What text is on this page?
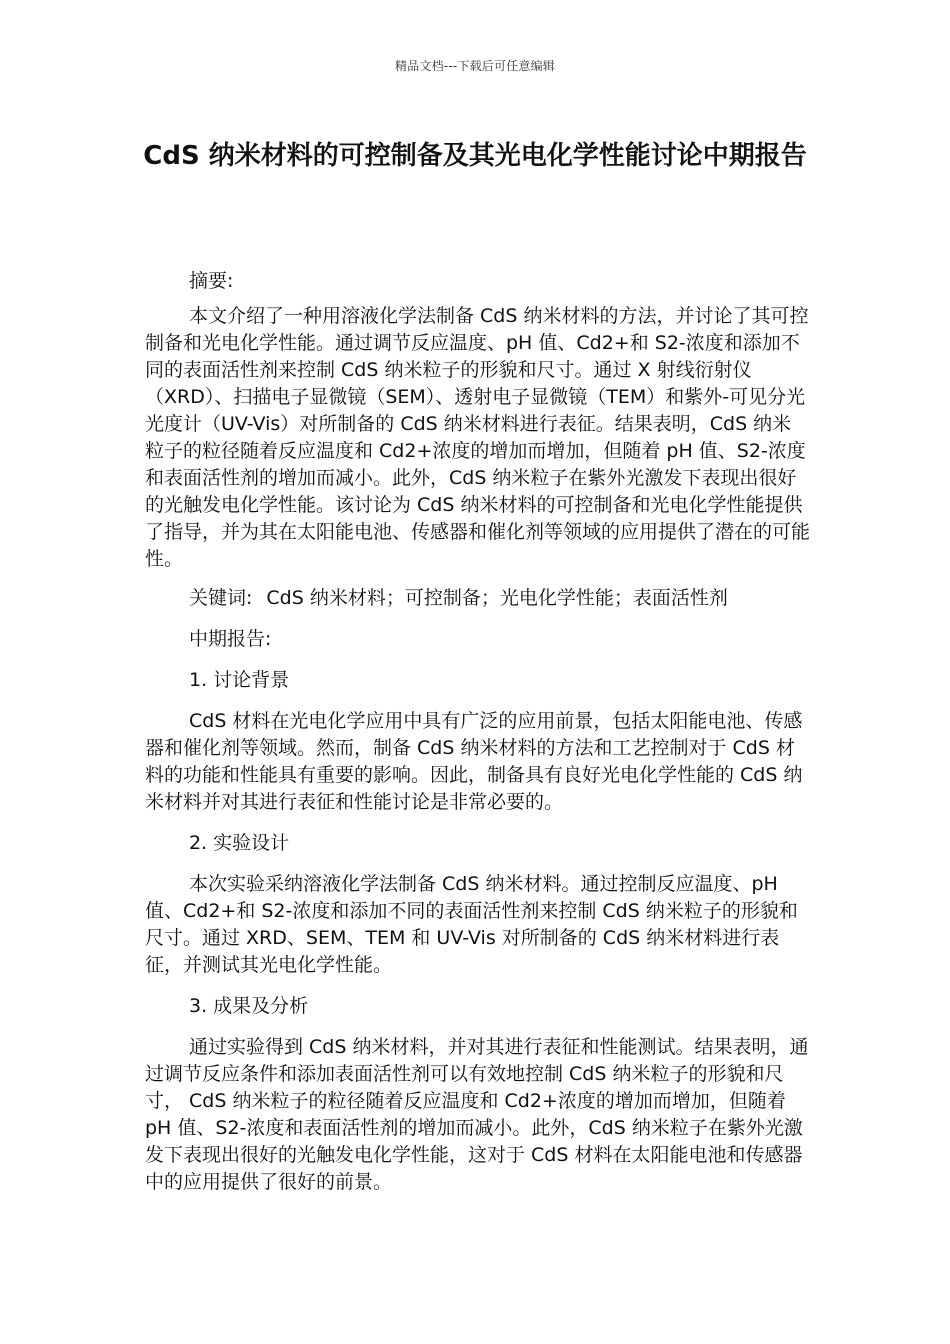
精品文档---下载后可任意编辑
CdS 纳米材料的可控制备及其光电化学性能讨论中期报告

摘要:

本文介绍了一种用溶液化学法制备 CdS 纳米材料的方法，并讨论了其可控制备和光电化学性能。通过调节反应温度、pH 值、Cd2+和 S2-浓度和添加不同的表面活性剂来控制 CdS 纳米粒子的形貌和尺寸。通过 X 射线衍射仪（XRD）、扫描电子显微镜（SEM）、透射电子显微镜（TEM）和紫外-可见分光光度计（UV-Vis）对所制备的 CdS 纳米材料进行表征。结果表明，CdS 纳米粒子的粒径随着反应温度和 Cd2+浓度的增加而增加，但随着 pH 值、S2-浓度和表面活性剂的增加而减小。此外，CdS 纳米粒子在紫外光激发下表现出很好的光触发电化学性能。该讨论为 CdS 纳米材料的可控制备和光电化学性能提供了指导，并为其在太阳能电池、传感器和催化剂等领域的应用提供了潜在的可能性。

关键词: CdS 纳米材料；可控制备；光电化学性能；表面活性剂

中期报告:

1. 讨论背景

CdS 材料在光电化学应用中具有广泛的应用前景，包括太阳能电池、传感器和催化剂等领域。然而，制备 CdS 纳米材料的方法和工艺控制对于 CdS 材料的功能和性能具有重要的影响。因此，制备具有良好光电化学性能的 CdS 纳米材料并对其进行表征和性能讨论是非常必要的。

2. 实验设计

本次实验采纳溶液化学法制备 CdS 纳米材料。通过控制反应温度、pH 值、Cd2+和 S2-浓度和添加不同的表面活性剂来控制 CdS 纳米粒子的形貌和尺寸。通过 XRD、SEM、TEM 和 UV-Vis 对所制备的 CdS 纳米材料进行表征，并测试其光电化学性能。

3. 成果及分析

通过实验得到 CdS 纳米材料，并对其进行表征和性能测试。结果表明，通过调节反应条件和添加表面活性剂可以有效地控制 CdS 纳米粒子的形貌和尺寸， CdS 纳米粒子的粒径随着反应温度和 Cd2+浓度的增加而增加，但随着 pH 值、S2-浓度和表面活性剂的增加而减小。此外，CdS 纳米粒子在紫外光激发下表现出很好的光触发电化学性能，这对于 CdS 材料在太阳能电池和传感器中的应用提供了很好的前景。
